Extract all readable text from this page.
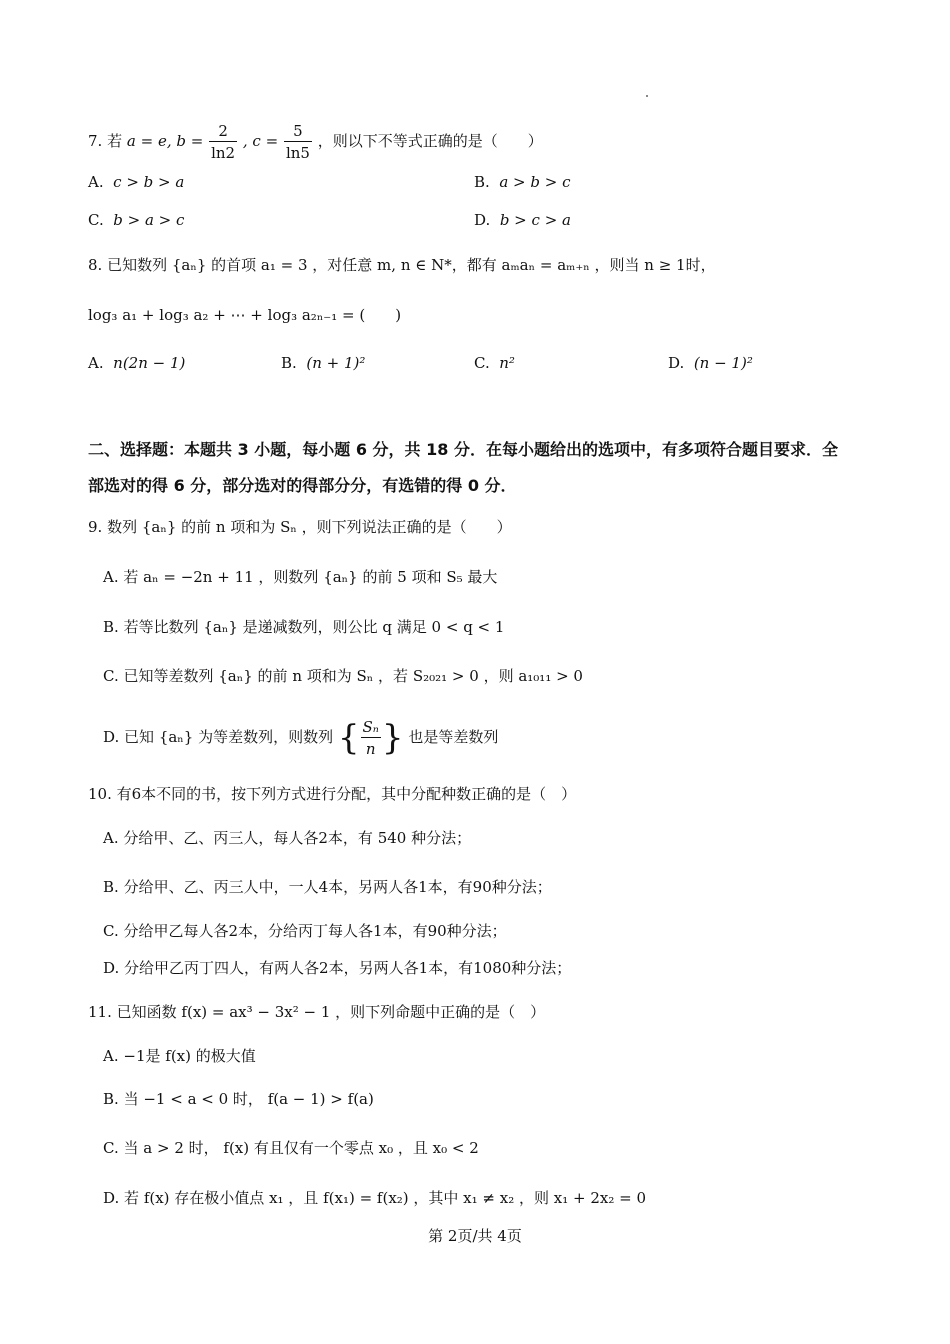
7. 若 a = e, $b = \frac{2}{\ln 2}$ , $c = \frac{5}{\ln 5}$ ，则以下不等式正确的是（　　）
A. c > b > a	B. a > b > c
C. b > a > c	D. b > c > a
8. 已知数列 {aₙ} 的首项 a₁ = 3 ，对任意 m, n ∈ N*，都有 aₘaₙ = aₘ₊ₙ ，则当 n ≥ 1时，
log₃ a₁ + log₃ a₂ + ⋯ + log₃ a₂ₙ₋₁ = (　　)
A. n(2n − 1)	B. (n + 1)²	C. n²	D. (n − 1)²
二、选择题：本题共 3 小题，每小题 6 分，共 18 分．在每小题给出的选项中，有多项符合题目要求．全
部选对的得 6 分，部分选对的得部分分，有选错的得 0 分．
9. 数列 {aₙ} 的前 n 项和为 Sₙ ，则下列说法正确的是（　　）
A. 若 aₙ = −2n + 11 ，则数列 {aₙ} 的前 5 项和 S₅ 最大
B. 若等比数列 {aₙ} 是递减数列，则公比 q 满足 0 < q < 1
C. 已知等差数列 {aₙ} 的前 n 项和为 Sₙ ，若 S₂₀₂₁ > 0 ，则 a₁₀₁₁ > 0
D. 已知 {aₙ} 为等差数列，则数列 { $\frac{\text{Sₙ}}{n}$ } 也是等差数列
10. 有6本不同的书，按下列方式进行分配，其中分配种数正确的是（　）
A. 分给甲、乙、丙三人，每人各2本，有 540 种分法；
B. 分给甲、乙、丙三人中，一人4本，另两人各1本，有90种分法；
C. 分给甲乙每人各2本，分给丙丁每人各1本，有90种分法；
D. 分给甲乙丙丁四人，有两人各2本，另两人各1本，有1080种分法；
11. 已知函数 f(x) = ax³ − 3x² − 1 ，则下列命题中正确的是（　）
A. −1是 f(x) 的极大值
B. 当 −1 < a < 0 时， f(a − 1) > f(a)
C. 当 a > 2 时， f(x) 有且仅有一个零点 x₀ ，且 x₀ < 2
D. 若 f(x) 存在极小值点 x₁ ，且 f(x₁) = f(x₂) ，其中 x₁ ≠ x₂ ，则 x₁ + 2x₂ = 0
第 2页/共 4页
